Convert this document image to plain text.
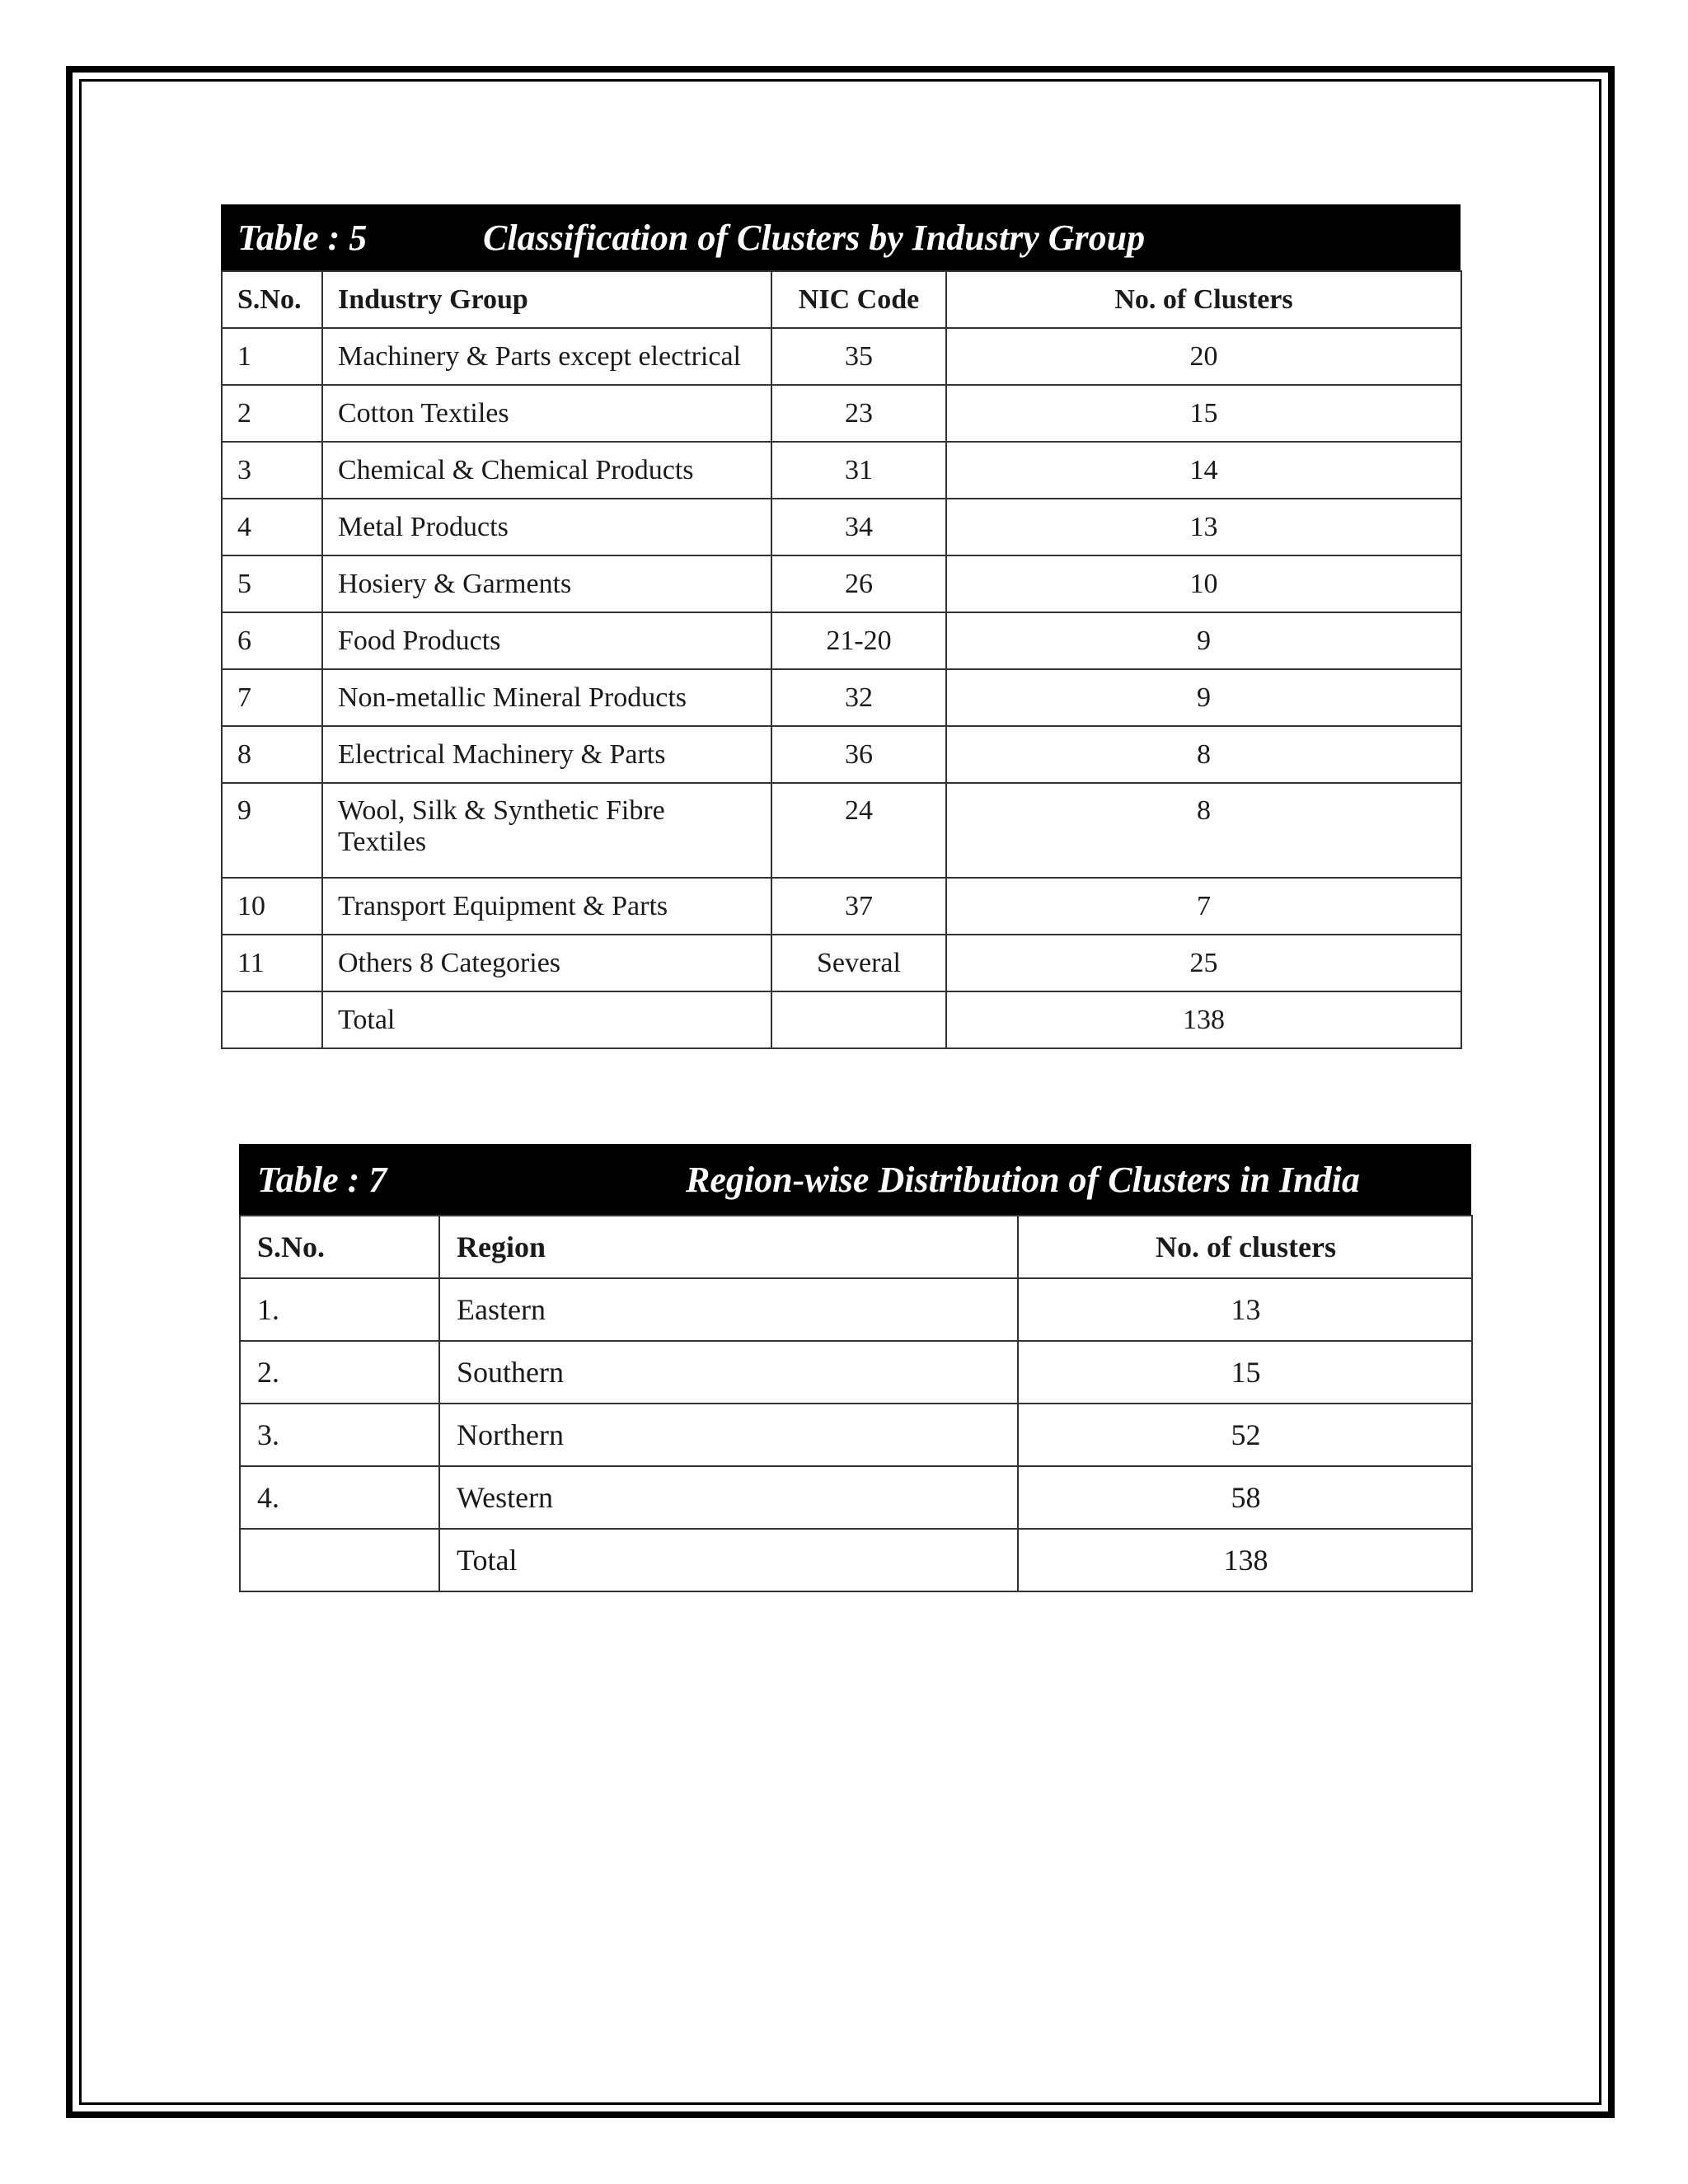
Table : 5	Classification of Clusters by Industry Group
S.No.	Industry Group	NIC Code	No. of Clusters
1	Machinery & Parts except electrical	35	20
2	Cotton Textiles	23	15
3	Chemical & Chemical Products	31	14
4	Metal Products	34	13
5	Hosiery & Garments	26	10
6	Food Products	21-20	9
7	Non-metallic Mineral Products	32	9
8	Electrical Machinery & Parts	36	8
9	Wool, Silk & Synthetic Fibre Textiles	24	8
10	Transport Equipment & Parts	37	7
11	Others 8 Categories	Several	25
	Total		138
Table : 7	Region-wise Distribution of Clusters in India
S.No.	Region	No. of clusters
1.	Eastern	13
2.	Southern	15
3.	Northern	52
4.	Western	58
	Total	138
